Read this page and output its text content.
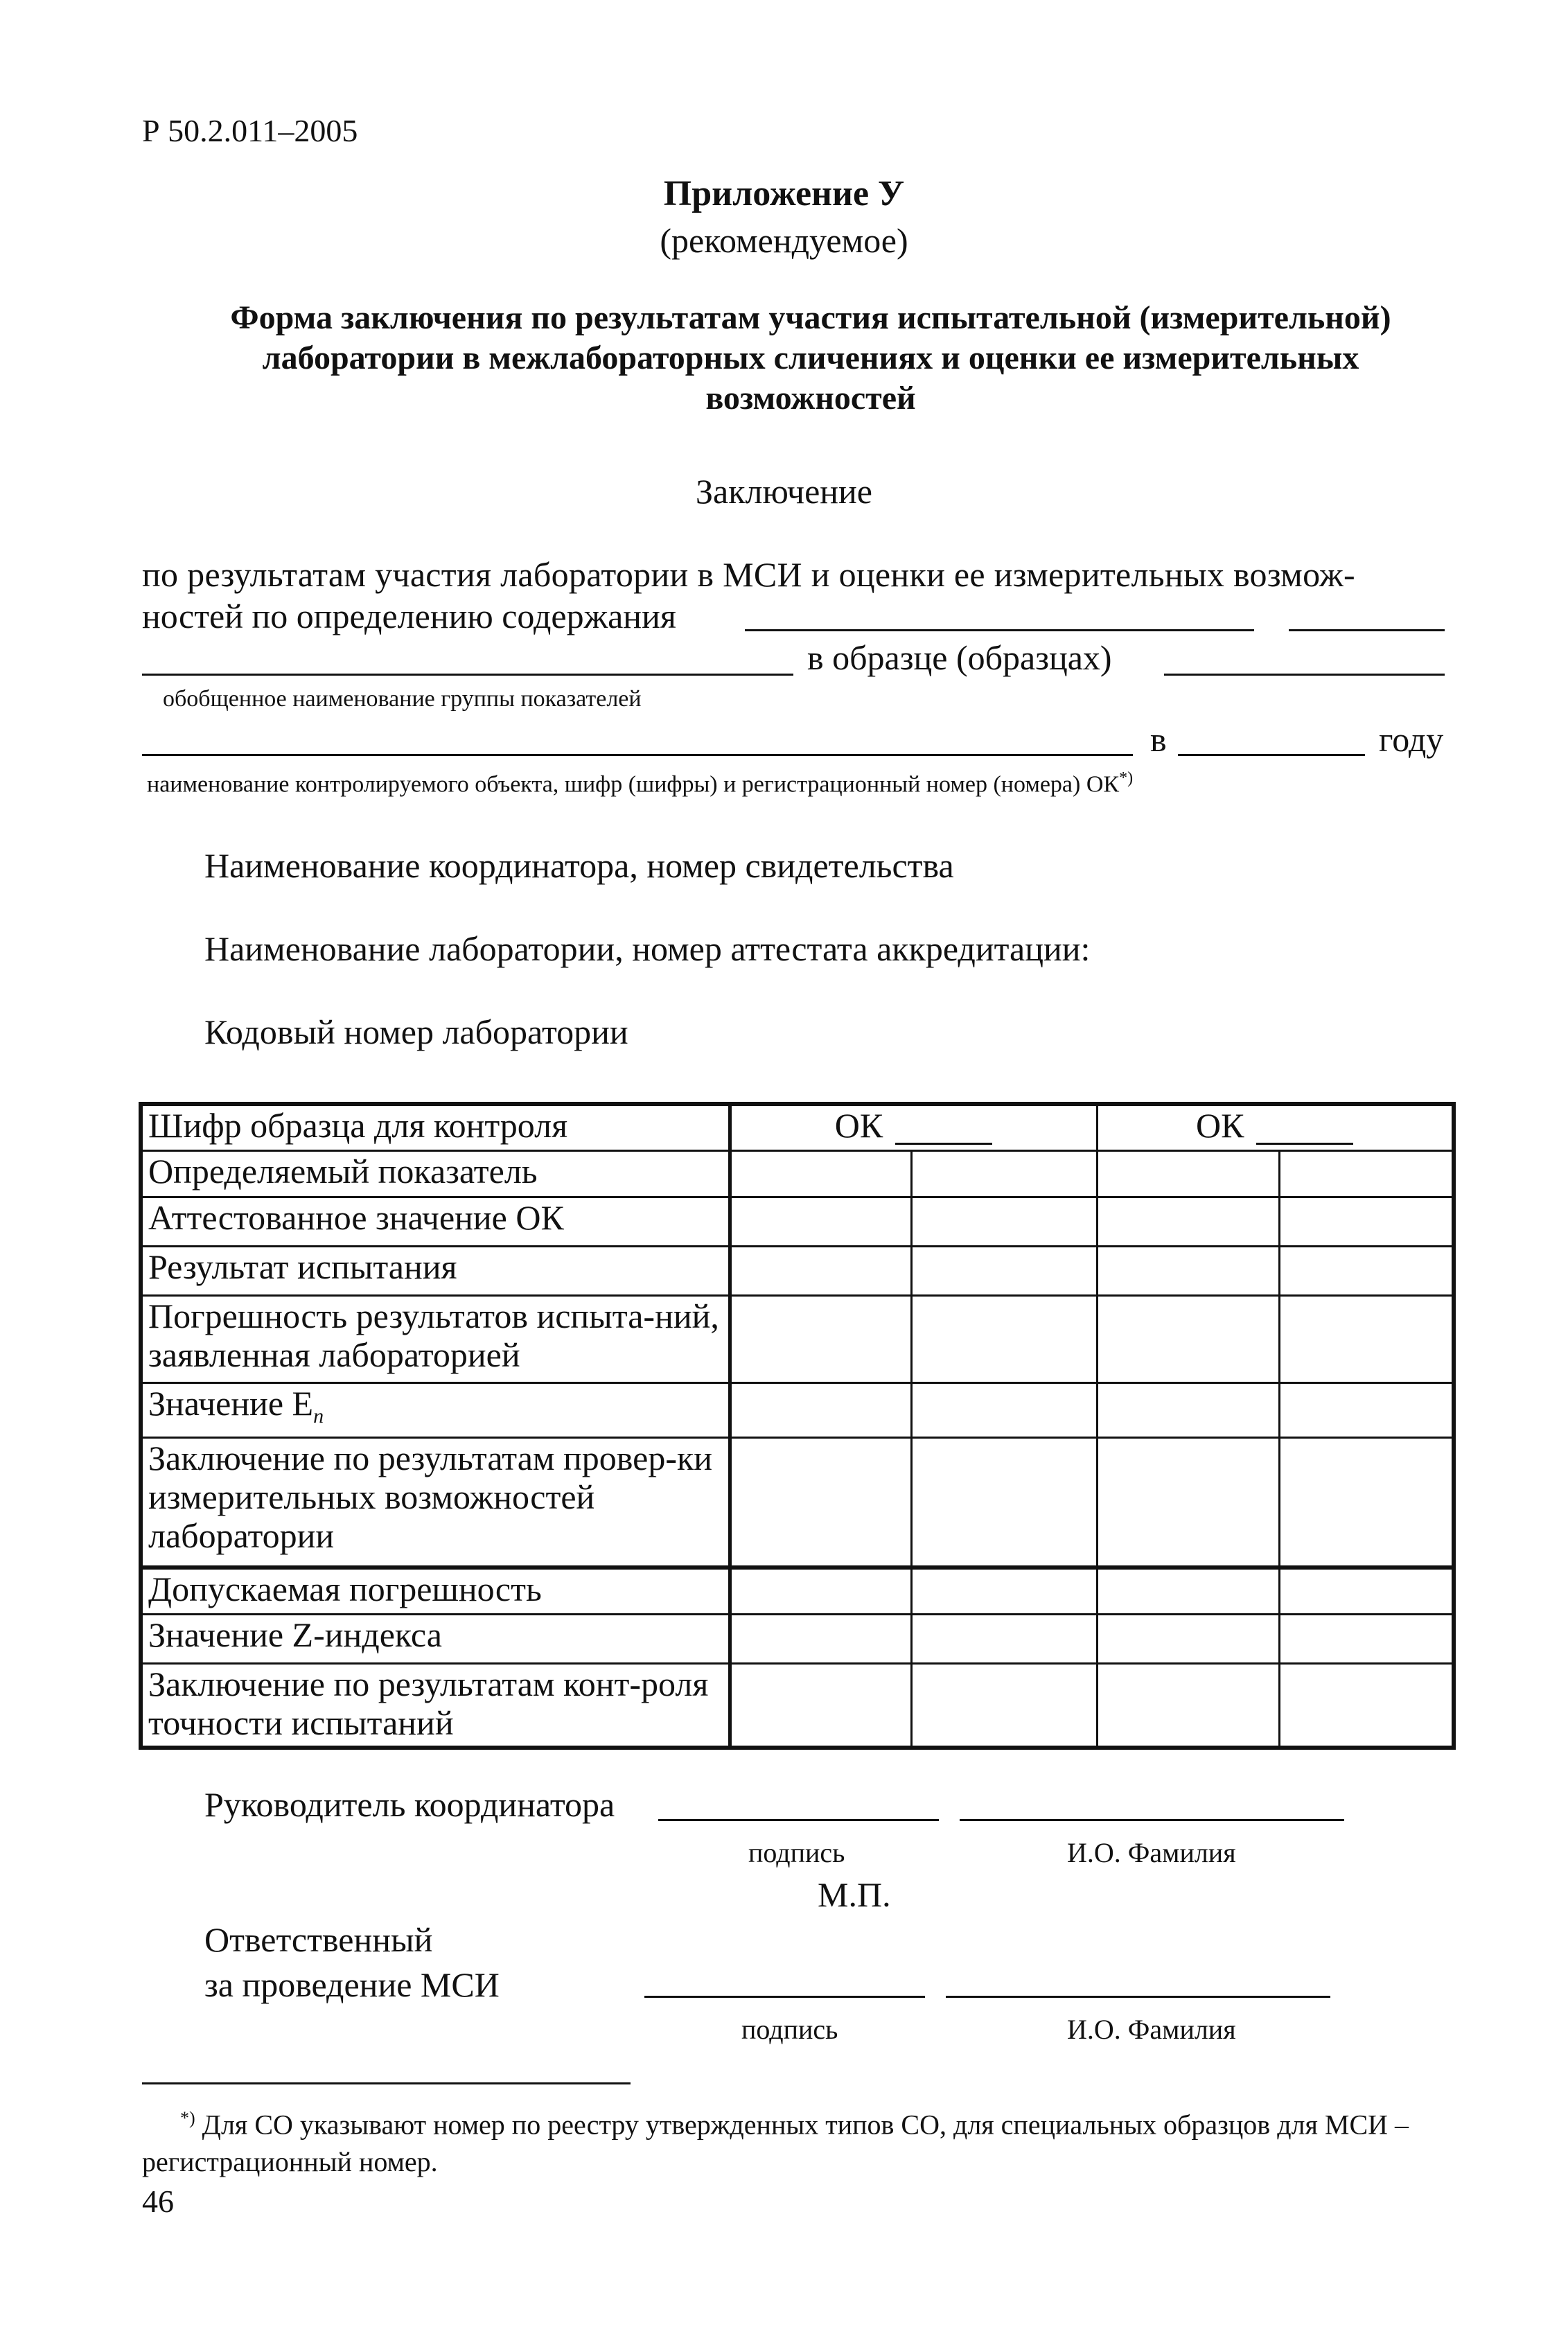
Р 50.2.011–2005
Приложение У
(рекомендуемое)
Форма заключения по результатам участия испытательной (измерительной) лаборатории в межлабораторных сличениях и оценки ее измерительных возможностей
Заключение
по результатам участия лаборатории в МСИ и оценки ее измерительных возмож-
ностей по определению содержания
в образце (образцах)
обобщенное наименование группы показателей
в	году
наименование контролируемого объекта, шифр (шифры) и регистрационный номер (номера) ОК*)
Наименование координатора, номер свидетельства
Наименование лаборатории, номер аттестата аккредитации:
Кодовый номер лаборатории
Шифр образца для контроля	ОК		ОК	
Определяемый показатель				
Аттестованное значение ОК				
Результат испытания				
Погрешность результатов испыта-ний, заявленная лабораторией				
Значение $E_n$				
Заключение по результатам провер-ки измерительных возможностей лаборатории				
Допускаемая погрешность				
Значение Z-индекса				
Заключение по результатам конт-роля точности испытаний				
Руководитель координатора
подпись	И.О. Фамилия
М.П.
Ответственный
за проведение МСИ
подпись	И.О. Фамилия
*) Для СО указывают номер по реестру утвержденных типов СО, для специальных образцов для МСИ – регистрационный номер.
46
